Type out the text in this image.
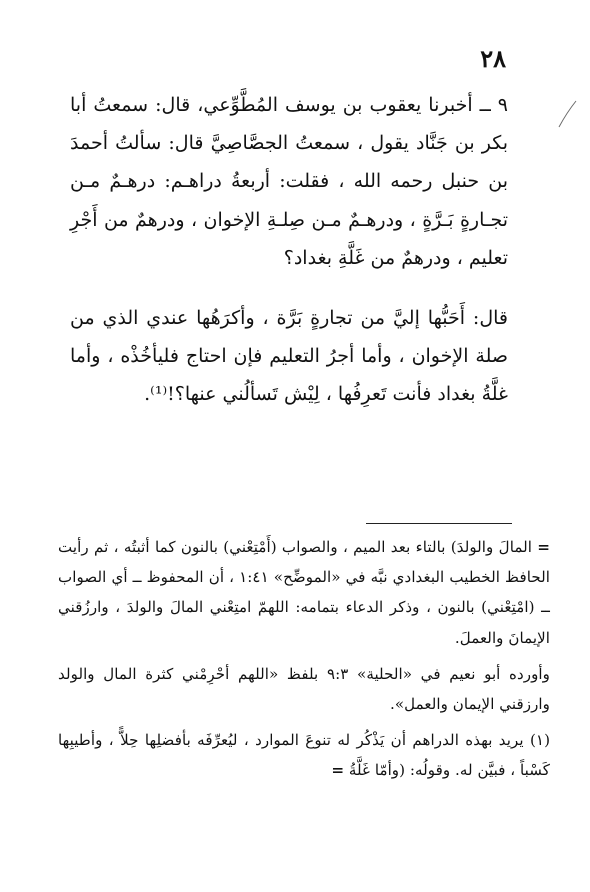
٢٨

٩ ــ أخبرنا يعقوب بن يوسف المُطَّوِّعي، قال: سمعتُ أبا بكر بن جَنَّاد يقول ، سمعتُ الجصَّاصِيَّ قال: سألتُ أحمدَ بن حنبل رحمه الله ، فقلت: أربعةُ دراهـم: درهـمٌ مـن تجـارةٍ بَـرَّةٍ ، ودرهـمٌ مـن صِلـةِ الإخوان ، ودرهمٌ من أَجْرِ تعليم ، ودرهمٌ من غَلَّةِ بغداد؟

قال: أَحَبُّها إليَّ من تجارةٍ بَرَّة ، وأكرَهُها عندي الذي من صلة الإخوان ، وأما أجرُ التعليم فإن احتاج فليأخُذْه ، وأما غلَّةُ بغداد فأنت تَعرِفُها ، لِيْش تَسألُني عنها؟!⁽¹⁾.

= المالَ والولدَ) بالتاء بعد الميم ، والصواب (أَمْتِعْني) بالنون كما أثبتُه ، ثم رأيت الحافظ الخطيب البغدادي نبَّه في «الموضِّح» ١:٤١ ، أن المحفوظ ــ أي الصواب ــ (امْتِعْني) بالنون ، وذكر الدعاء بتمامه: اللهمّ امتِعْني المالَ والولدَ ، وارزُقني الإيمانَ والعملَ.

وأورده أبو نعيم في «الحلية» ٩:٣ بلفظ «اللهم أحْرِمْني كثرة المال والولد وارزقني الإيمان والعمل».

(١) يريد بهذه الدراهم أن يَذْكُر له تنوعَ الموارد ، ليُعرِّفَه بأفضلِها حِلاًّ ، وأطيبِها كَسْباً ، فبيَّن له. وقولُه: (وأمّا غَلَّةُ =
